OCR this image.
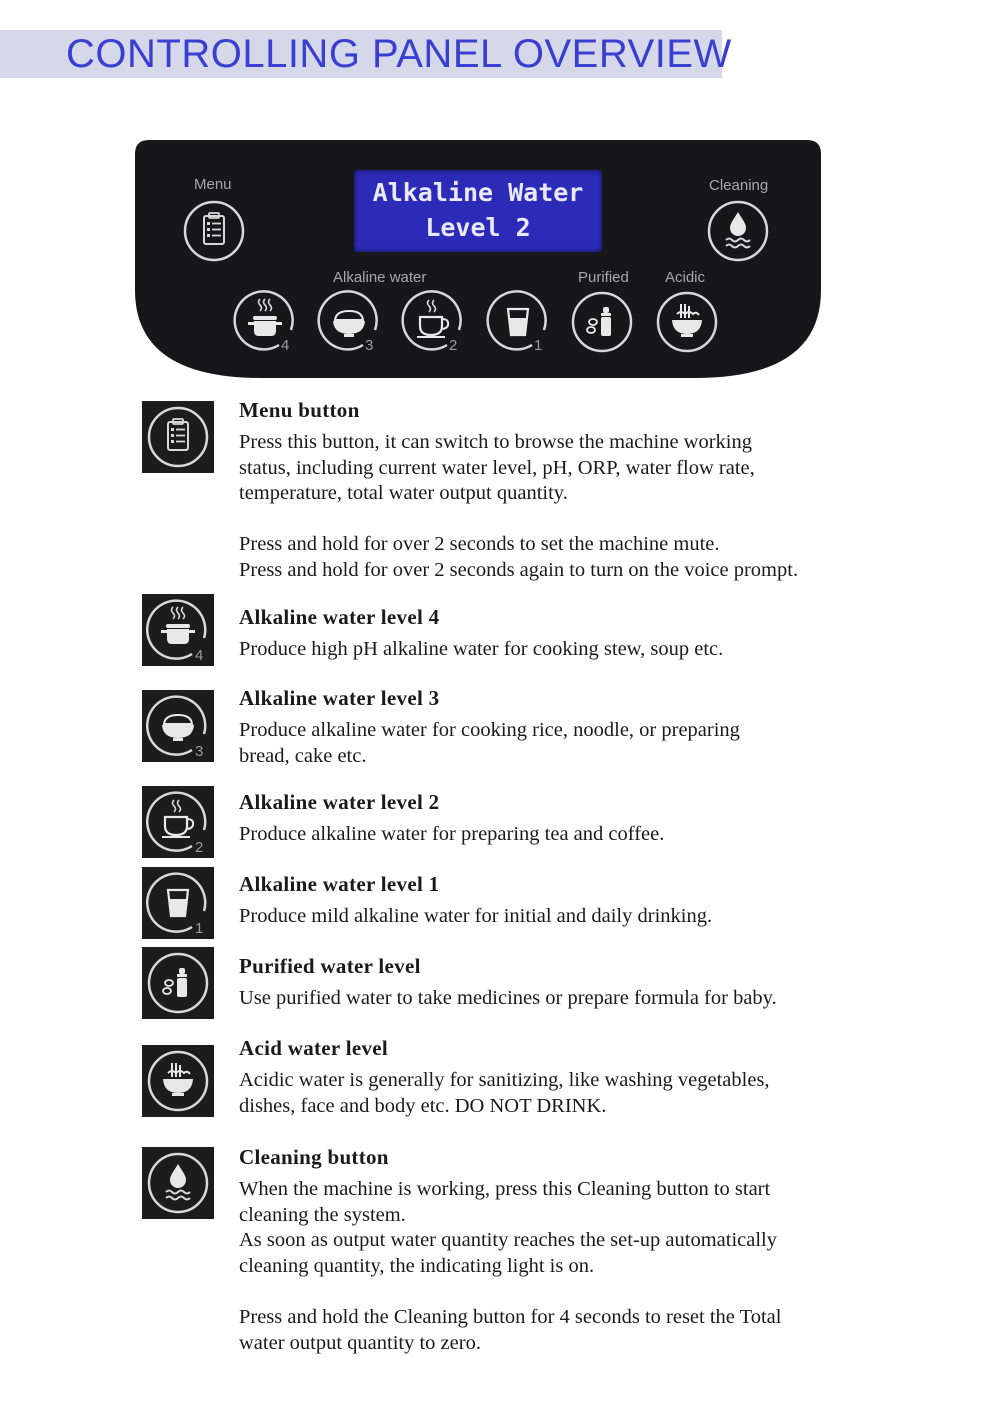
CONTROLLING PANEL OVERVIEW
Menu	Cleaning
Alkaline water	Purified Acidic
Alkaline Water
Level 2
4	3	2	1
Menu button
Press this button, it can switch to browse the machine working
status, including current water level, pH, ORP, water flow rate,
temperature, total water output quantity.

Press and hold for over 2 seconds to set the machine mute.
Press and hold for over 2 seconds again to turn on the voice prompt.
4
Alkaline water level 4
Produce high pH alkaline water for cooking stew, soup etc.
3
Alkaline water level 3
Produce alkaline water for cooking rice, noodle, or preparing
bread, cake etc.
2
Alkaline water level 2
Produce alkaline water for preparing tea and coffee.
1
Alkaline water level 1
Produce mild alkaline water for initial and daily drinking.
Purified water level
Use purified water to take medicines or prepare formula for baby.
Acid water level
Acidic water is generally for sanitizing, like washing vegetables,
dishes, face and body etc. DO NOT DRINK.
Cleaning button
When the machine is working, press this Cleaning button to start
cleaning the system.
As soon as output water quantity reaches the set-up automatically
cleaning quantity, the indicating light is on.

Press and hold the Cleaning button for 4 seconds to reset the Total
water output quantity to zero.
